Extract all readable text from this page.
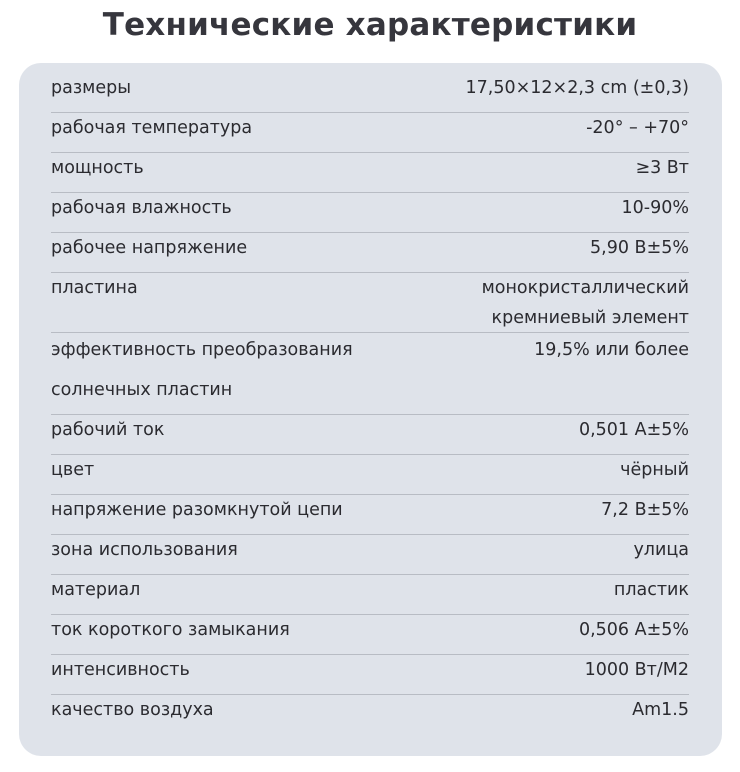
Технические характеристики
размеры	17,50×12×2,3 cm (±0,3)
рабочая температура	-20° – +70°
мощность	≥3 Вт
рабочая влажность	10-90%
рабочее напряжение	5,90 В±5%
пластина	монокристаллический
кремниевый элемент
эффективность преобразования	19,5% или более
солнечных пластин
рабочий ток	0,501 А±5%
цвет	чёрный
напряжение разомкнутой цепи	7,2 В±5%
зона использования	улица
материал	пластик
ток короткого замыкания	0,506 А±5%
интенсивность	1000 Вт/М2
качество воздуха	Am1.5
